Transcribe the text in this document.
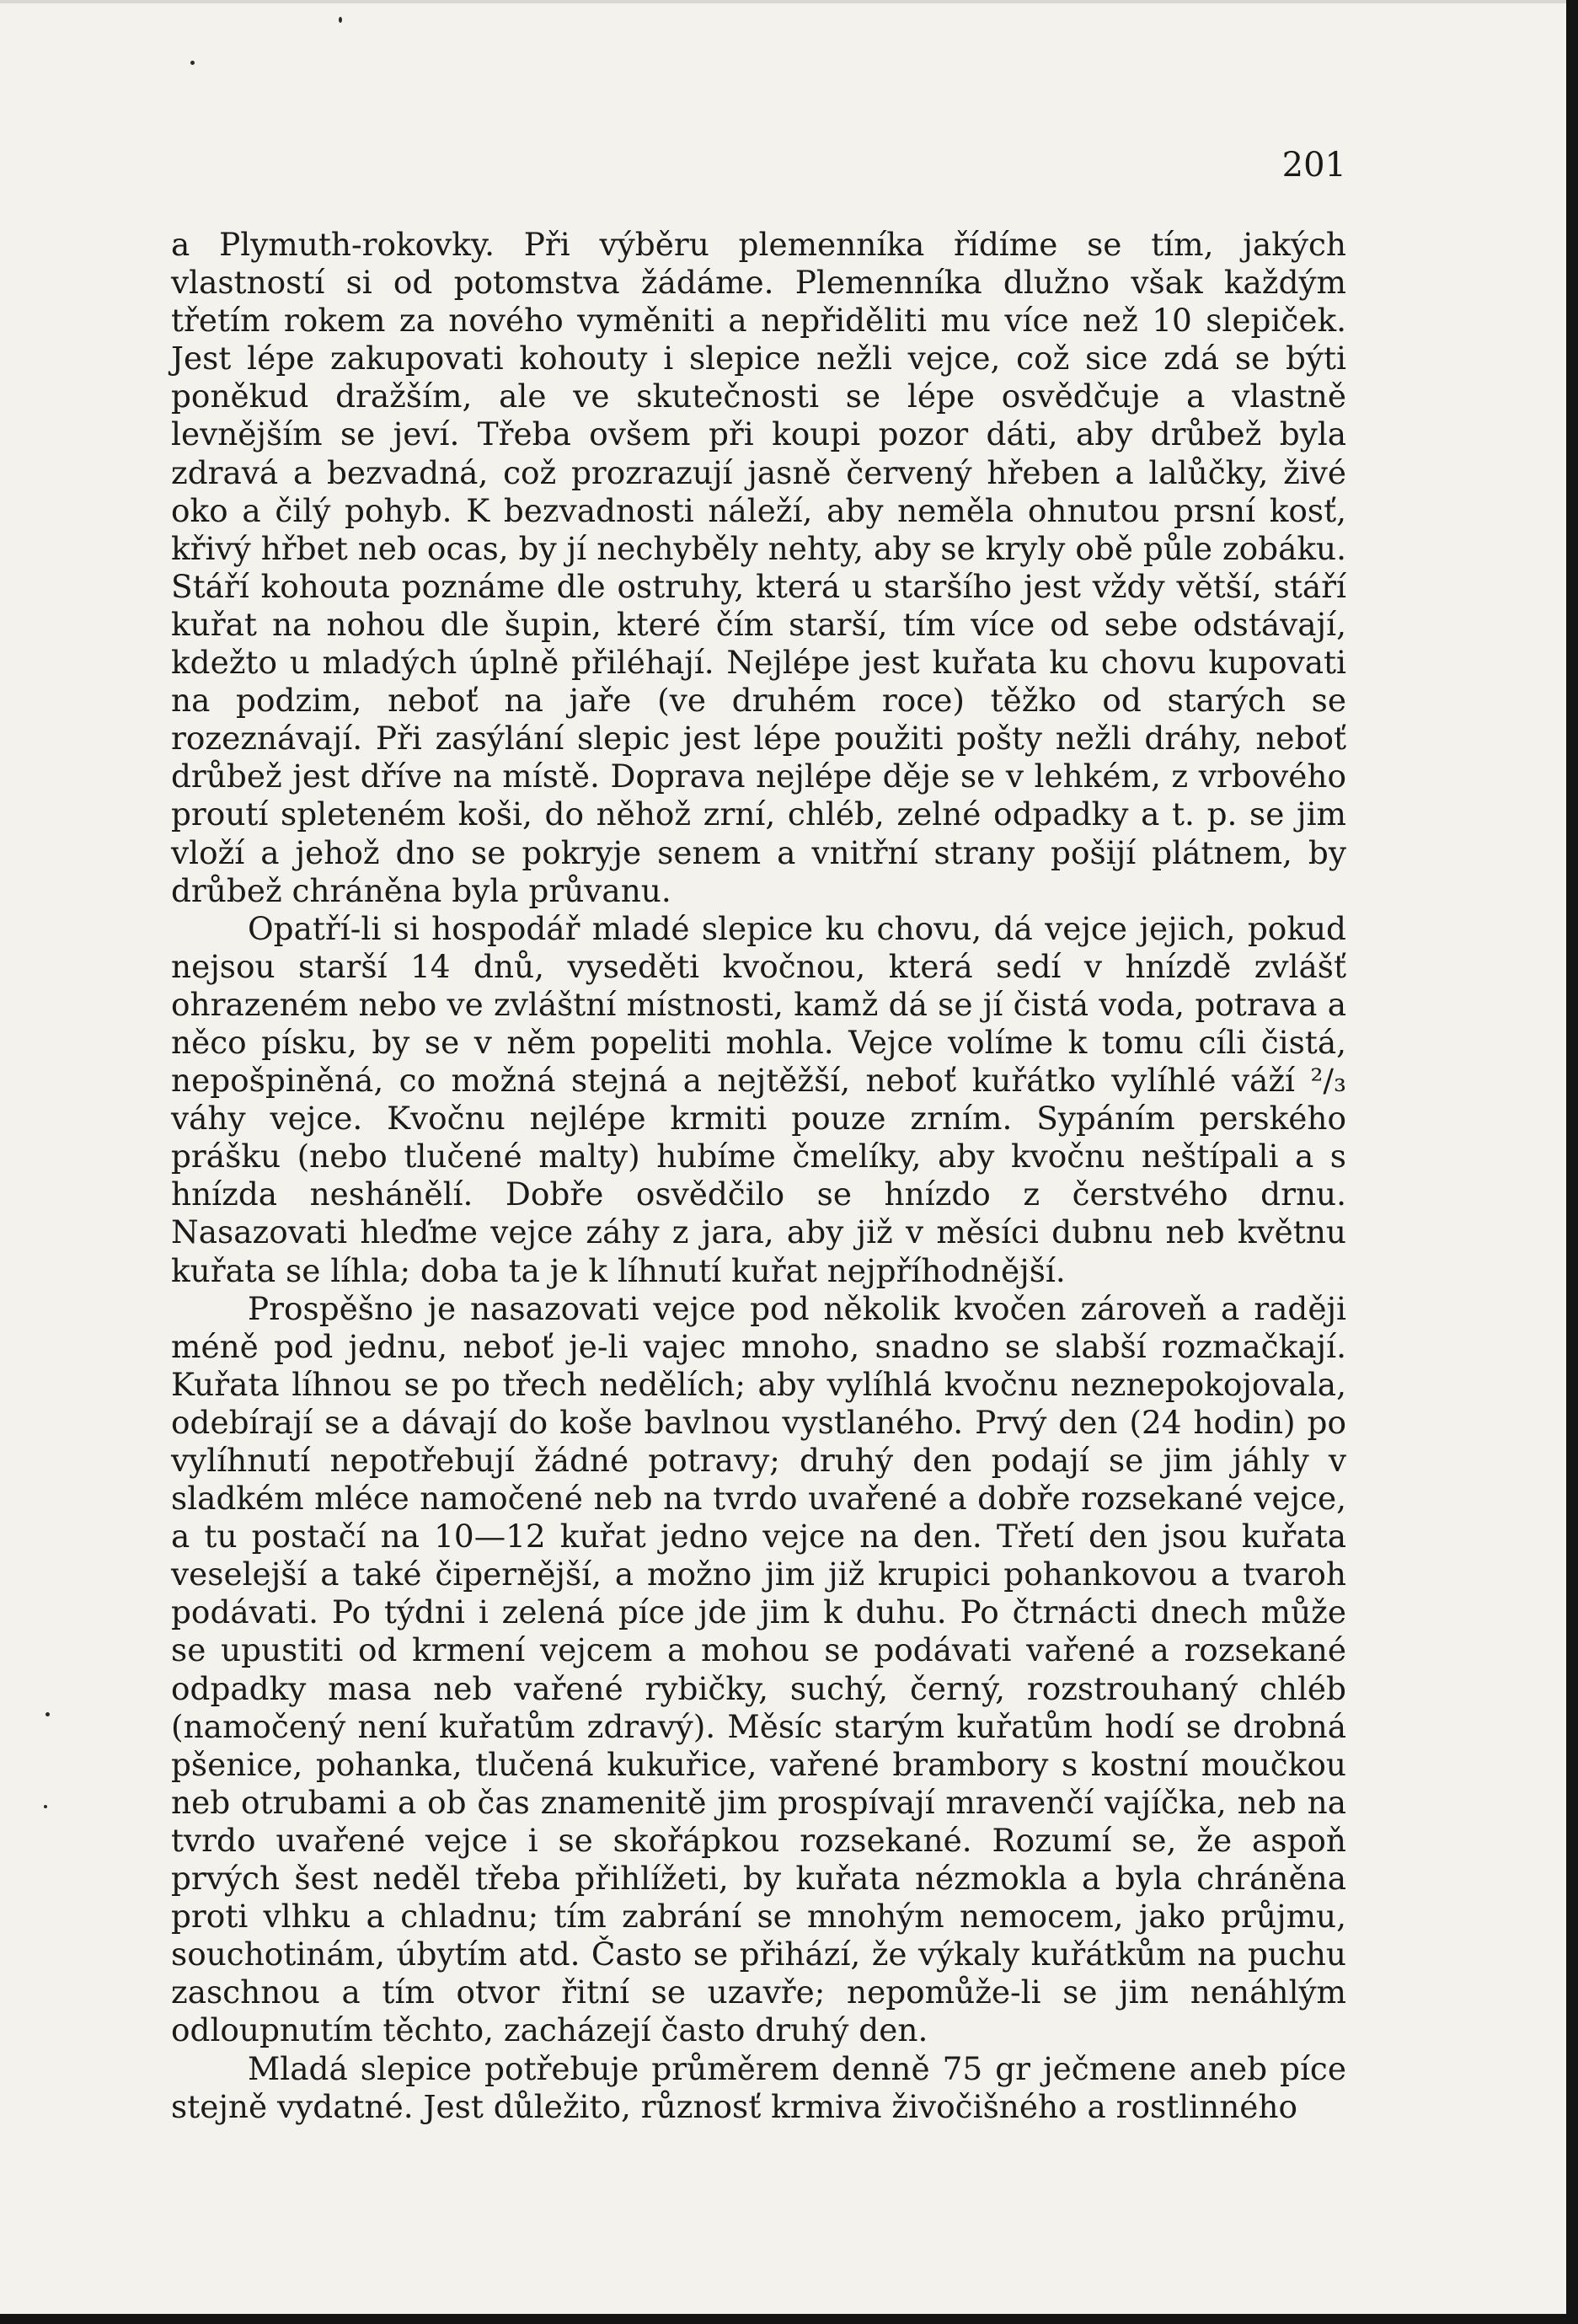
201

a Plymuth-rokovky. Při výběru plemenníka řídíme se tím, jakých vlastností si od potomstva žádáme. Plemenníka dlužno však každým třetím rokem za nového vyměniti a nepřiděliti mu více než 10 slepiček. Jest lépe zakupovati kohouty i slepice nežli vejce, což sice zdá se býti poněkud dražším, ale ve skutečnosti se lépe osvědčuje a vlastně levnějším se jeví. Třeba ovšem při koupi pozor dáti, aby drůbež byla zdravá a bezvadná, což prozrazují jasně červený hřeben a lalůčky, živé oko a čilý pohyb. K bezvadnosti náleží, aby neměla ohnutou prsní kosť, křivý hřbet neb ocas, by jí nechyběly nehty, aby se kryly obě půle zobáku. Stáří kohouta poznáme dle ostruhy, která u staršího jest vždy větší, stáří kuřat na nohou dle šupin, které čím starší, tím více od sebe odstávají, kdežto u mladých úplně přiléhají. Nejlépe jest kuřata ku chovu kupovati na podzim, neboť na jaře (ve druhém roce) těžko od starých se rozeznávají. Při zasýlání slepic jest lépe použiti pošty nežli dráhy, neboť drůbež jest dříve na místě. Doprava nejlépe děje se v lehkém, z vrbového proutí spleteném koši, do něhož zrní, chléb, zelné odpadky a t. p. se jim vloží a jehož dno se pokryje senem a vnitřní strany pošijí plátnem, by drůbež chráněna byla průvanu.

Opatří-li si hospodář mladé slepice ku chovu, dá vejce jejich, pokud nejsou starší 14 dnů, vyseděti kvočnou, která sedí v hnízdě zvlášť ohrazeném nebo ve zvláštní místnosti, kamž dá se jí čistá voda, potrava a něco písku, by se v něm popeliti mohla. Vejce volíme k tomu cíli čistá, nepošpiněná, co možná stejná a nejtěžší, neboť kuřátko vylíhlé váží ²/₃ váhy vejce. Kvočnu nejlépe krmiti pouze zrním. Sypáním perského prášku (nebo tlučené malty) hubíme čmelíky, aby kvočnu neštípali a s hnízda neshánělí. Dobře osvědčilo se hnízdo z čerstvého drnu. Nasazovati hleďme vejce záhy z jara, aby již v měsíci dubnu neb květnu kuřata se líhla; doba ta je k líhnutí kuřat nejpříhodnější.

Prospěšno je nasazovati vejce pod několik kvočen zároveň a raději méně pod jednu, neboť je-li vajec mnoho, snadno se slabší rozmačkají. Kuřata líhnou se po třech nedělích; aby vylíhlá kvočnu neznepokojovala, odebírají se a dávají do koše bavlnou vystlaného. Prvý den (24 hodin) po vylíhnutí nepotřebují žádné potravy; druhý den podají se jim jáhly v sladkém mléce namočené neb na tvrdo uvařené a dobře rozsekané vejce, a tu postačí na 10—12 kuřat jedno vejce na den. Třetí den jsou kuřata veselejší a také čipernější, a možno jim již krupici pohankovou a tvaroh podávati. Po týdni i zelená píce jde jim k duhu. Po čtrnácti dnech může se upustiti od krmení vejcem a mohou se podávati vařené a rozsekané odpadky masa neb vařené rybičky, suchý, černý, rozstrouhaný chléb (namočený není kuřatům zdravý). Měsíc starým kuřatům hodí se drobná pšenice, pohanka, tlučená kukuřice, vařené brambory s kostní moučkou neb otrubami a ob čas znamenitě jim prospívají mravenčí vajíčka, neb na tvrdo uvařené vejce i se skořápkou rozsekané. Rozumí se, že aspoň prvých šest neděl třeba přihlížeti, by kuřata nézmokla a byla chráněna proti vlhku a chladnu; tím zabrání se mnohým nemocem, jako průjmu, souchotinám, úbytím atd. Často se přihází, že výkaly kuřátkům na puchu zaschnou a tím otvor řitní se uzavře; nepomůže-li se jim nenáhlým odloupnutím těchto, zacházejí často druhý den.

Mladá slepice potřebuje průměrem denně 75 gr ječmene aneb píce stejně vydatné. Jest důležito, různosť krmiva živočišného a rostlinného
